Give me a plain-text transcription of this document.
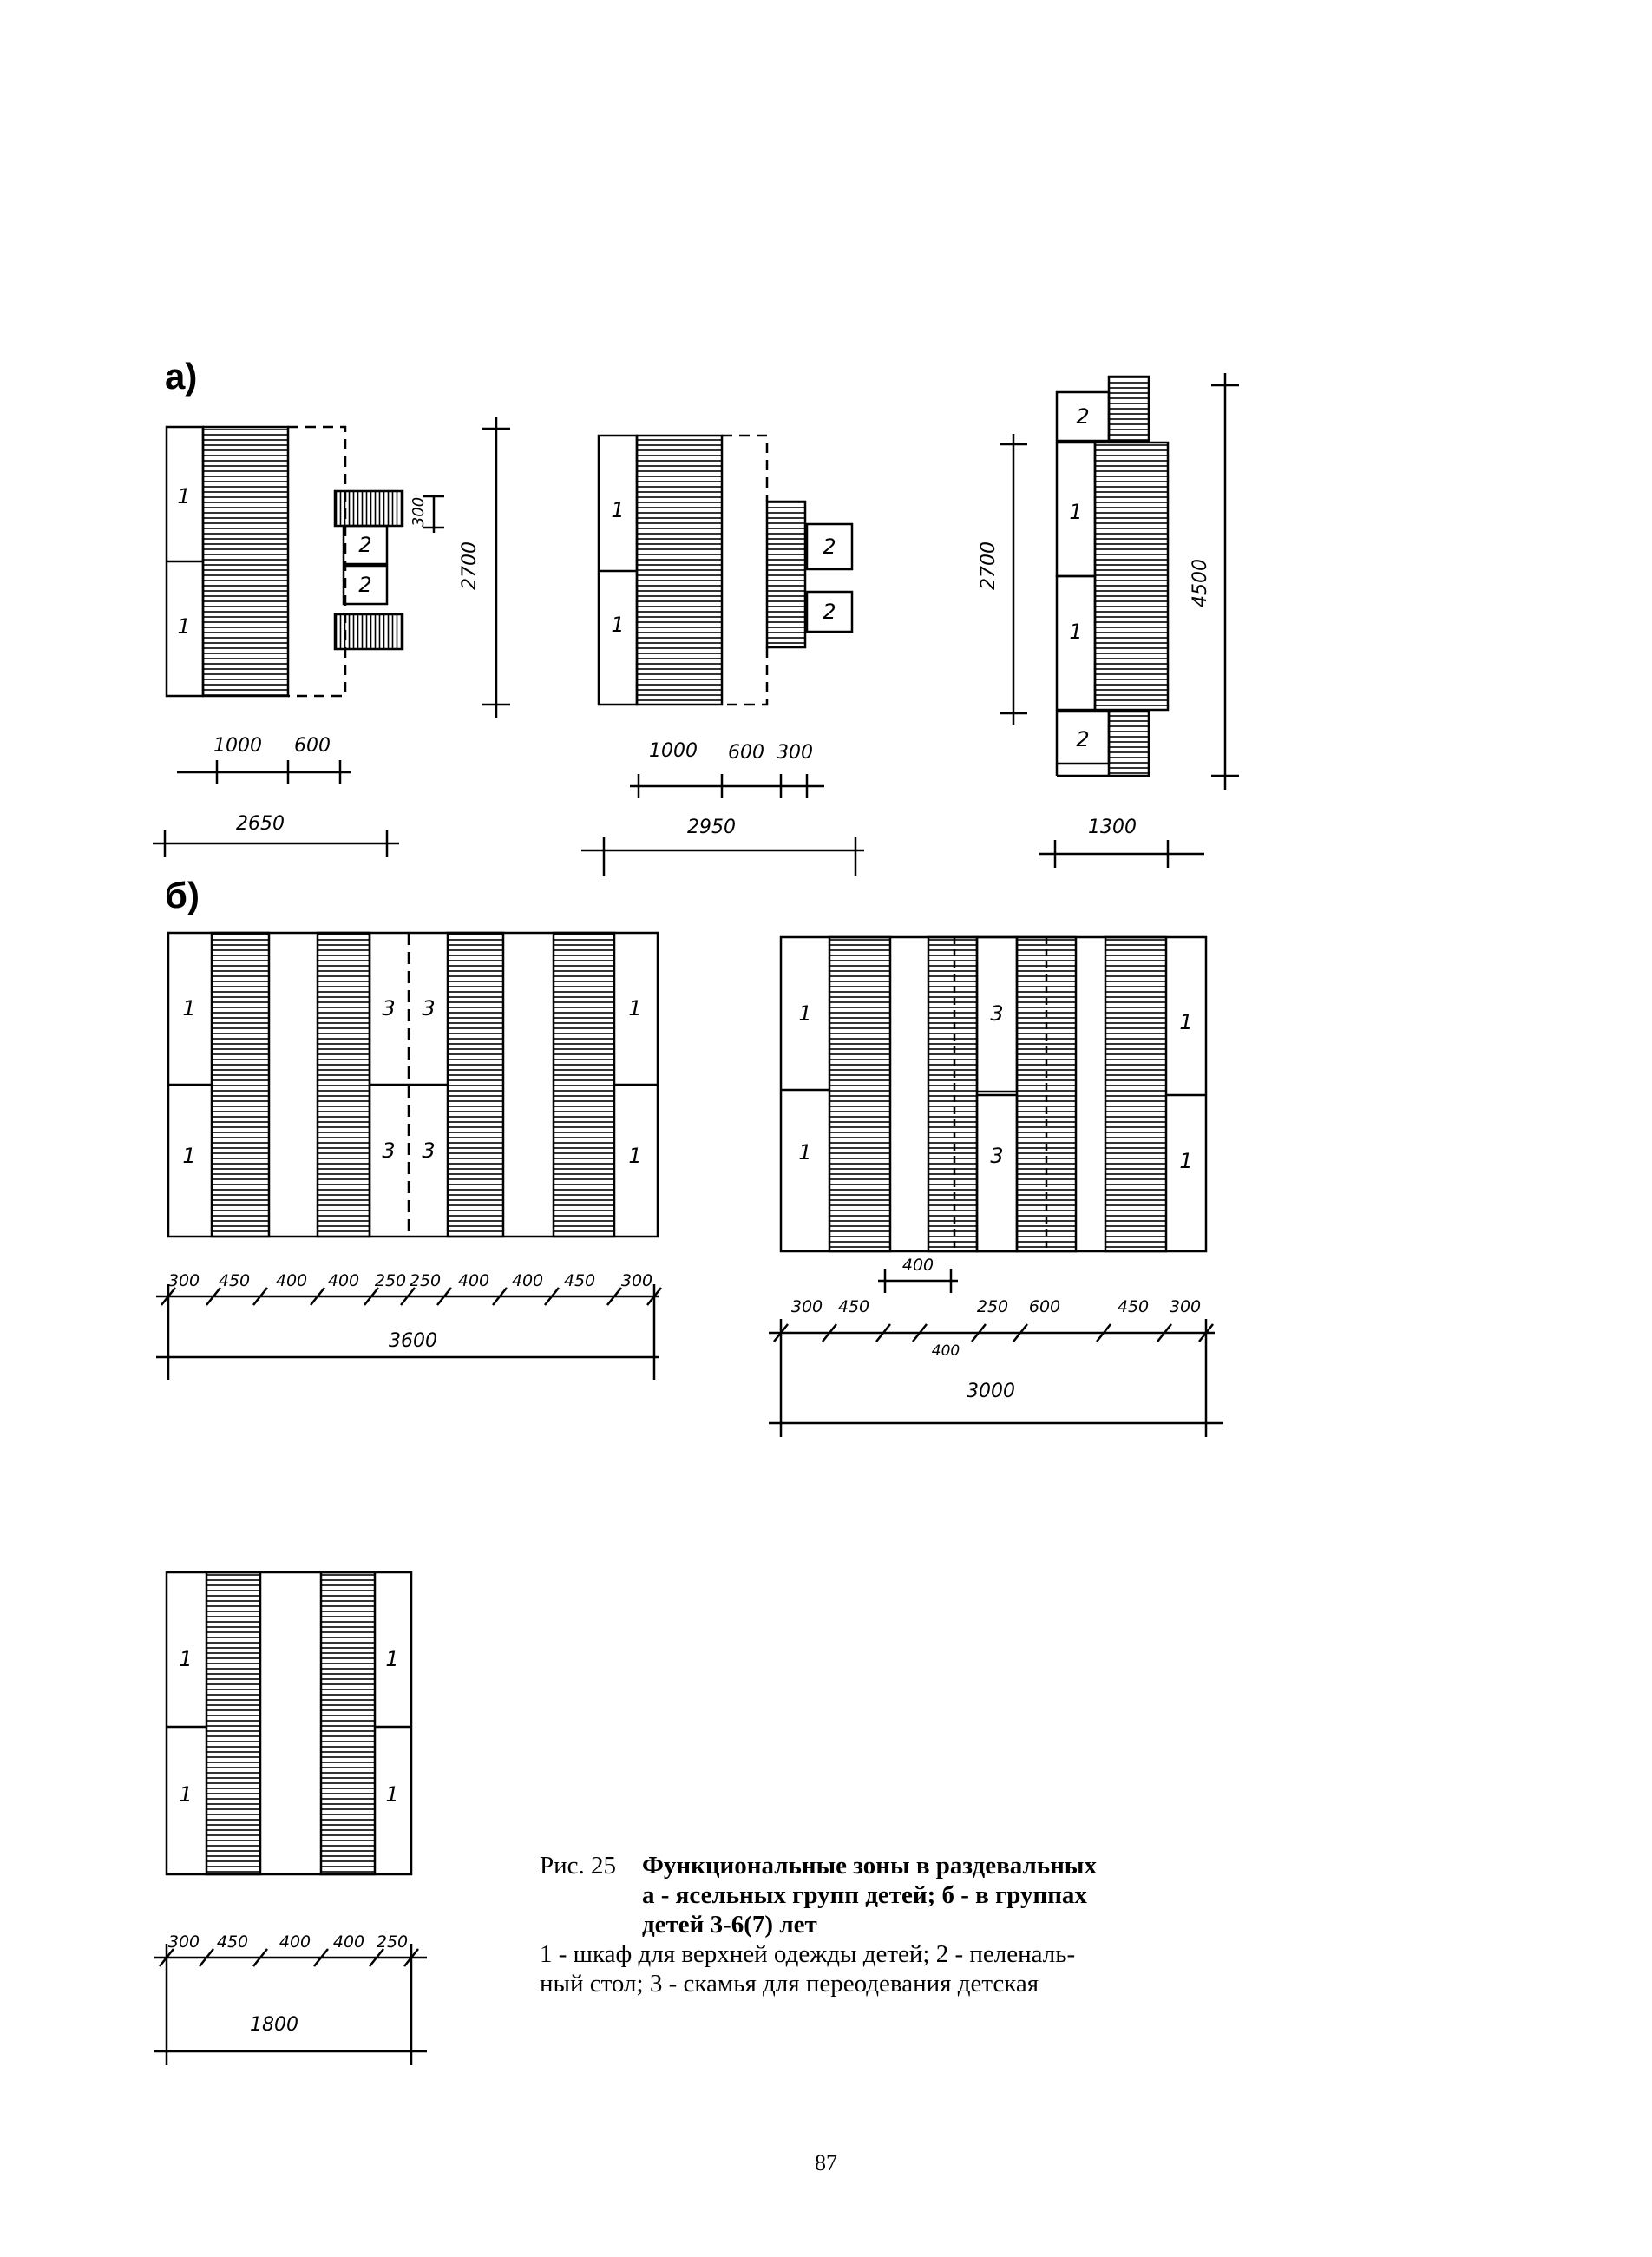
а)
б)
1
1
2
2
1
1
2
2
2
1
1
2
1
1
3 3
3 3
1
1
1
1
3
3
1
1
1
1
1
1
1000 600
2650
2700
300
1000 600 300
2950
2700	4500
1300
300 450 400 400 250 250 400 400 450 300
3600
400
300 450	250 600	450 300
400
3000
300 450 400 400 250
1800
Рис. 25	Функциональные зоны в раздевальных
а - ясельных групп детей; б - в группах
детей 3-6(7) лет
1 - шкаф для верхней одежды детей; 2 - пеленаль-
ный стол; 3 - скамья для переодевания детская
87
